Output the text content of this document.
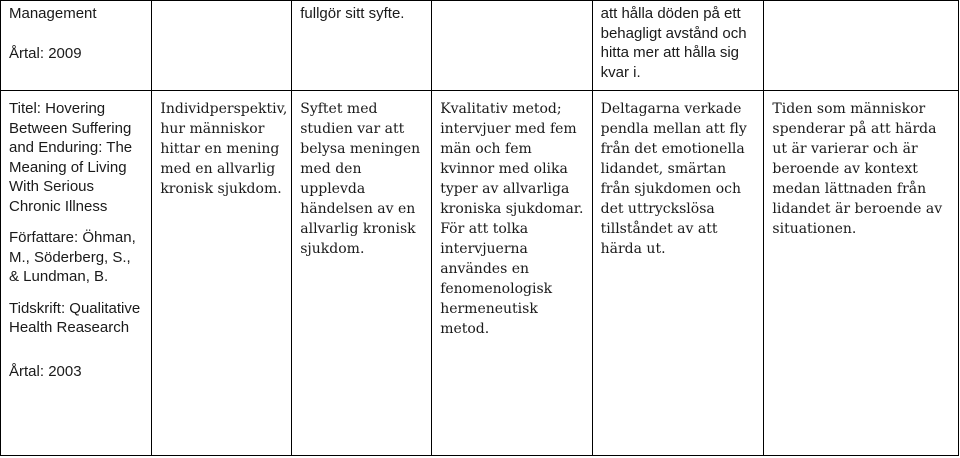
Management
Årtal: 2009		fullgör sitt syfte.		att hålla döden på ett behagligt avstånd och hitta mer att hålla sig kvar i.	

Titel: Hovering Between Suffering and Enduring: The Meaning of Living With Serious Chronic Illness
Författare: Öhman, M., Söderberg, S., & Lundman, B.
Tidskrift: Qualitative Health Reasearch
Årtal: 2003	Individperspektiv, hur människor hittar en mening med en allvarlig kronisk sjukdom.	Syftet med studien var att belysa meningen med den upplevda händelsen av en allvarlig kronisk sjukdom.	Kvalitativ metod; intervjuer med fem män och fem kvinnor med olika typer av allvarliga kroniska sjukdomar. För att tolka intervjuerna användes en fenomenologisk hermeneutisk metod.	Deltagarna verkade pendla mellan att fly från det emotionella lidandet, smärtan från sjukdomen och det uttryckslösa tillståndet av att härda ut.	Tiden som människor spenderar på att härda ut är varierar och är beroende av kontext medan lättnaden från lidandet är beroende av situationen.
